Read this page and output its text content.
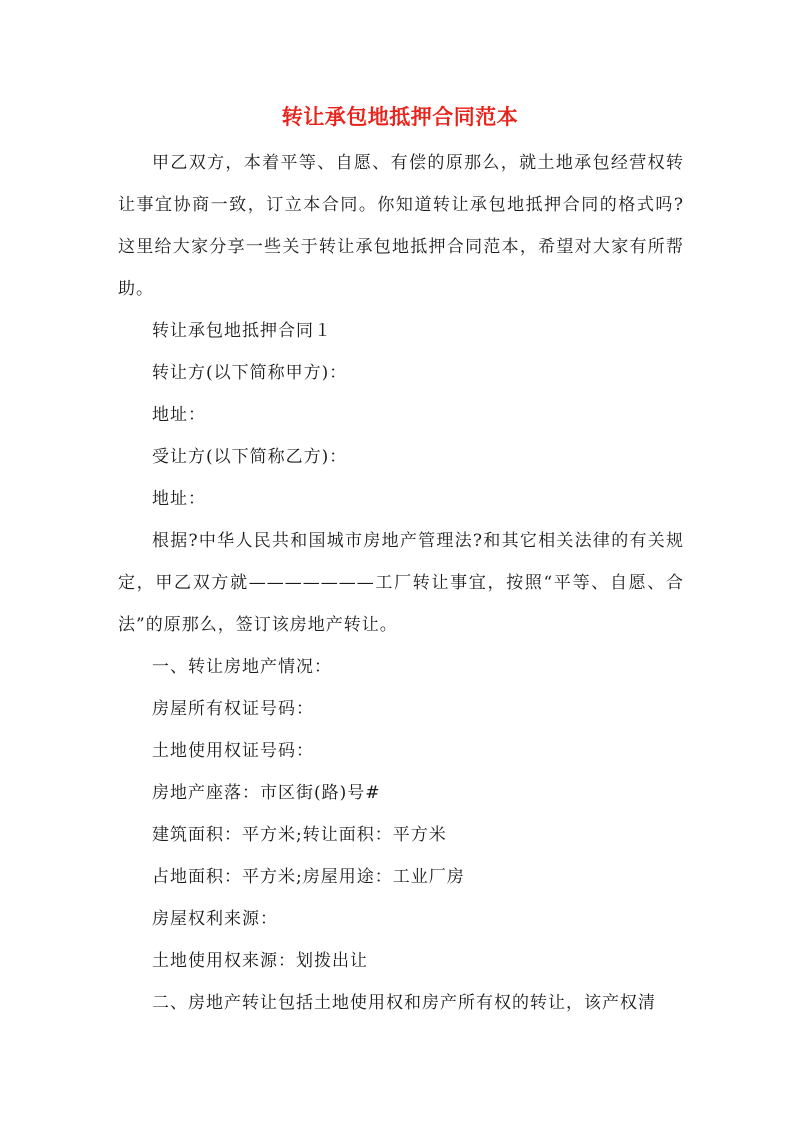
转让承包地抵押合同范本

甲乙双方，本着平等、自愿、有偿的原那么，就土地承包经营权转让事宜协商一致，订立本合同。你知道转让承包地抵押合同的格式吗?这里给大家分享一些关于转让承包地抵押合同范本，希望对大家有所帮助。

转让承包地抵押合同１

转让方(以下简称甲方)：

地址：

受让方(以下简称乙方)：

地址：

根据?中华人民共和国城市房地产管理法?和其它相关法律的有关规定，甲乙双方就———————工厂转让事宜，按照“平等、自愿、合法”的原那么，签订该房地产转让。

一、转让房地产情况：

房屋所有权证号码：

土地使用权证号码：

房地产座落：市区街(路)号#

建筑面积：平方米;转让面积：平方米

占地面积：平方米;房屋用途：工业厂房

房屋权利来源：

土地使用权来源：划拨出让

二、房地产转让包括土地使用权和房产所有权的转让，该产权清
